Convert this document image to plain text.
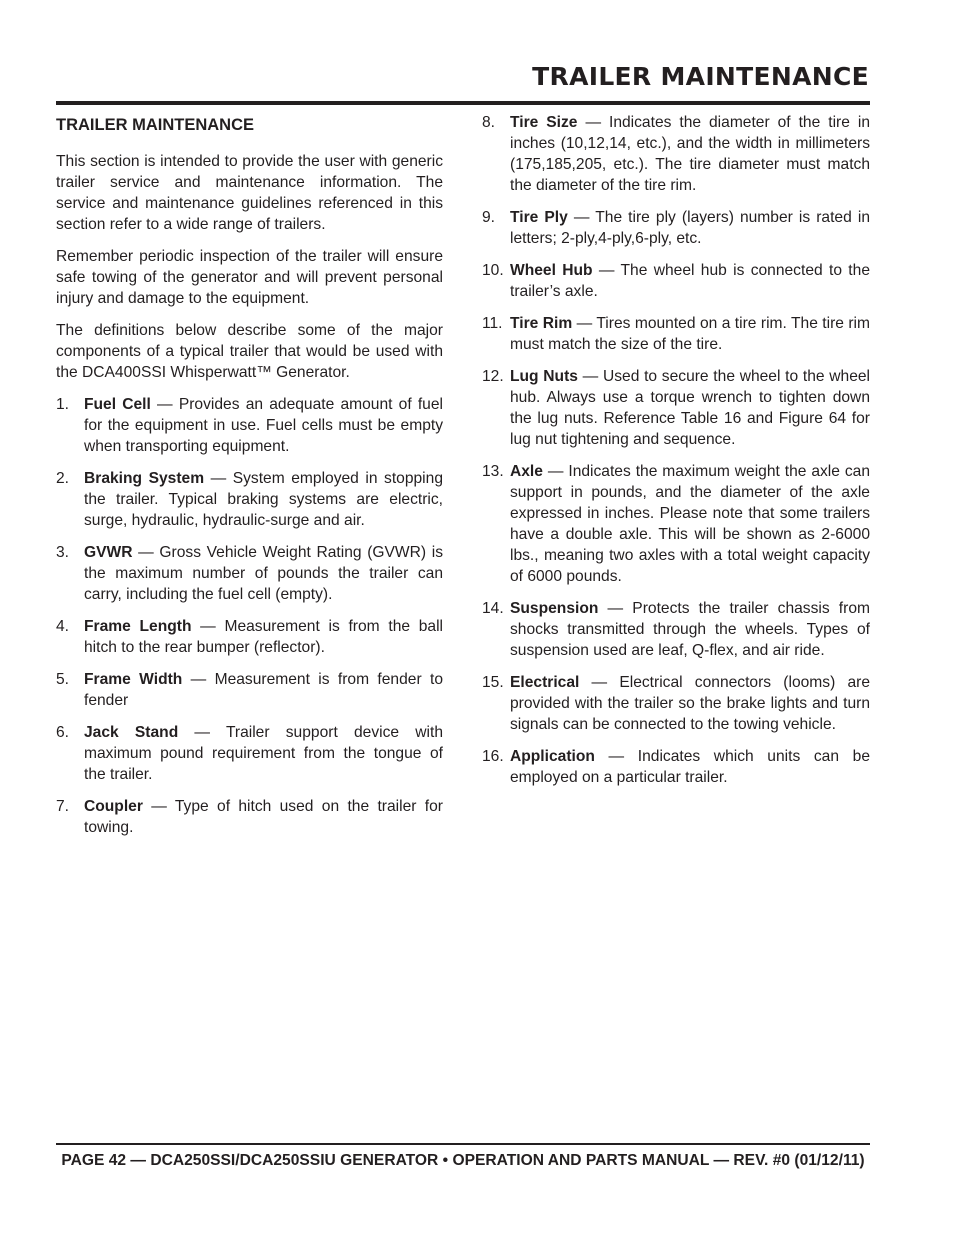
TRAILER MAINTENANCE
TRAILER MAINTENANCE

This section is intended to provide the user with generic trailer service and maintenance information. The service and maintenance guidelines referenced in this section refer to a wide range of trailers.

Remember periodic inspection of the trailer will ensure safe towing of the generator and will prevent personal injury and damage to the equipment.

The definitions below describe some of the major components of a typical trailer that would be used with the DCA400SSI Whisperwatt™ Generator.

1. Fuel Cell — Provides an adequate amount of fuel for the equipment in use. Fuel cells must be empty when transporting equipment.
2. Braking System — System employed in stopping the trailer. Typical braking systems are electric, surge, hydraulic, hydraulic-surge and air.
3. GVWR — Gross Vehicle Weight Rating (GVWR) is the maximum number of pounds the trailer can carry, including the fuel cell (empty).
4. Frame Length — Measurement is from the ball hitch to the rear bumper (reflector).
5. Frame Width — Measurement is from fender to fender
6. Jack Stand — Trailer support device with maximum pound requirement from the tongue of the trailer.
7. Coupler — Type of hitch used on the trailer for towing.
8. Tire Size — Indicates the diameter of the tire in inches (10,12,14, etc.), and the width in millimeters (175,185,205, etc.). The tire diameter must match the diameter of the tire rim.
9. Tire Ply — The tire ply (layers) number is rated in letters; 2-ply,4-ply,6-ply, etc.
10. Wheel Hub — The wheel hub is connected to the trailer’s axle.
11. Tire Rim — Tires mounted on a tire rim. The tire rim must match the size of the tire.
12. Lug Nuts — Used to secure the wheel to the wheel hub. Always use a torque wrench to tighten down the lug nuts. Reference Table 16 and Figure 64 for lug nut tightening and sequence.
13. Axle — Indicates the maximum weight the axle can support in pounds, and the diameter of the axle expressed in inches. Please note that some trailers have a double axle. This will be shown as 2-6000 lbs., meaning two axles with a total weight capacity of 6000 pounds.
14. Suspension — Protects the trailer chassis from shocks transmitted through the wheels. Types of suspension used are leaf, Q-flex, and air ride.
15. Electrical — Electrical connectors (looms) are provided with the trailer so the brake lights and turn signals can be connected to the towing vehicle.
16. Application — Indicates which units can be employed on a particular trailer.
PAGE 42 — DCA250SSI/DCA250SSIU GENERATOR • OPERATION AND PARTS MANUAL — REV. #0 (01/12/11)
